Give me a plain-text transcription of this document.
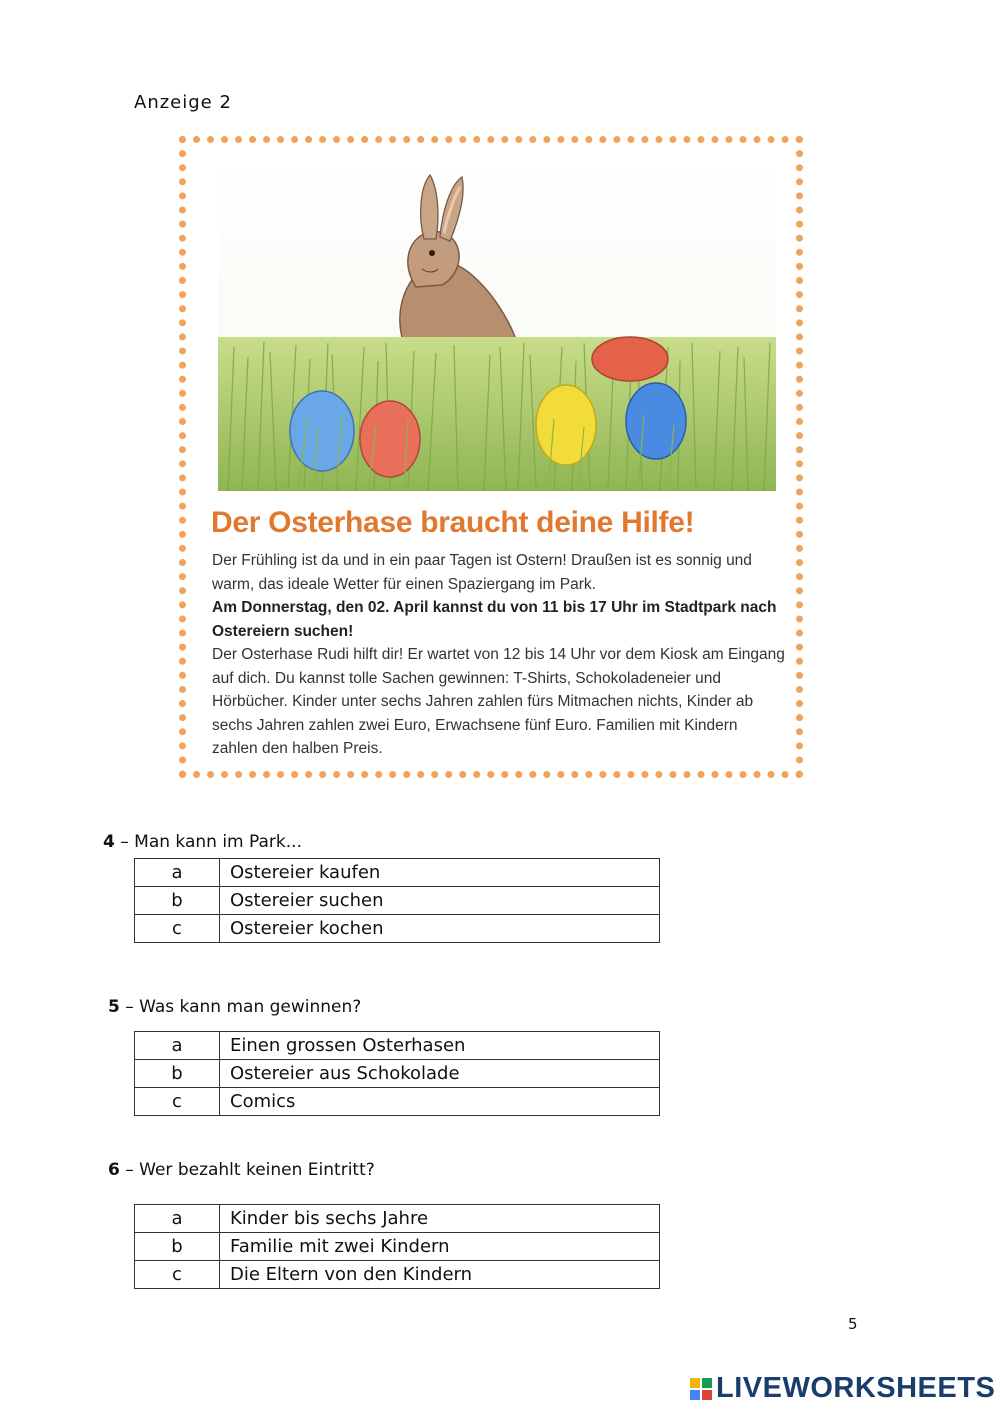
Anzeige 2
Der Osterhase braucht deine Hilfe!

Der Frühling ist da und in ein paar Tagen ist Ostern! Draußen ist es sonnig und warm, das ideale Wetter für einen Spaziergang im Park.

Am Donnerstag, den 02. April kannst du von 11 bis 17 Uhr im Stadtpark nach Ostereiern suchen!

Der Osterhase Rudi hilft dir! Er wartet von 12 bis 14 Uhr vor dem Kiosk am Eingang auf dich. Du kannst tolle Sachen gewinnen: T-Shirts, Schokoladeneier und Hörbücher. Kinder unter sechs Jahren zahlen fürs Mitmachen nichts, Kinder ab sechs Jahren zahlen zwei Euro, Erwachsene fünf Euro. Familien mit Kindern zahlen den halben Preis.

4 – Man kann im Park...
a	Ostereier kaufen
b	Ostereier suchen
c	Ostereier kochen
5 – Was kann man gewinnen?
a	Einen grossen Osterhasen
b	Ostereier aus Schokolade
c	Comics
6 – Wer bezahlt keinen Eintritt?
a	Kinder bis sechs Jahre
b	Familie mit zwei Kindern
c	Die Eltern von den Kindern
5
LIVEWORKSHEETS
